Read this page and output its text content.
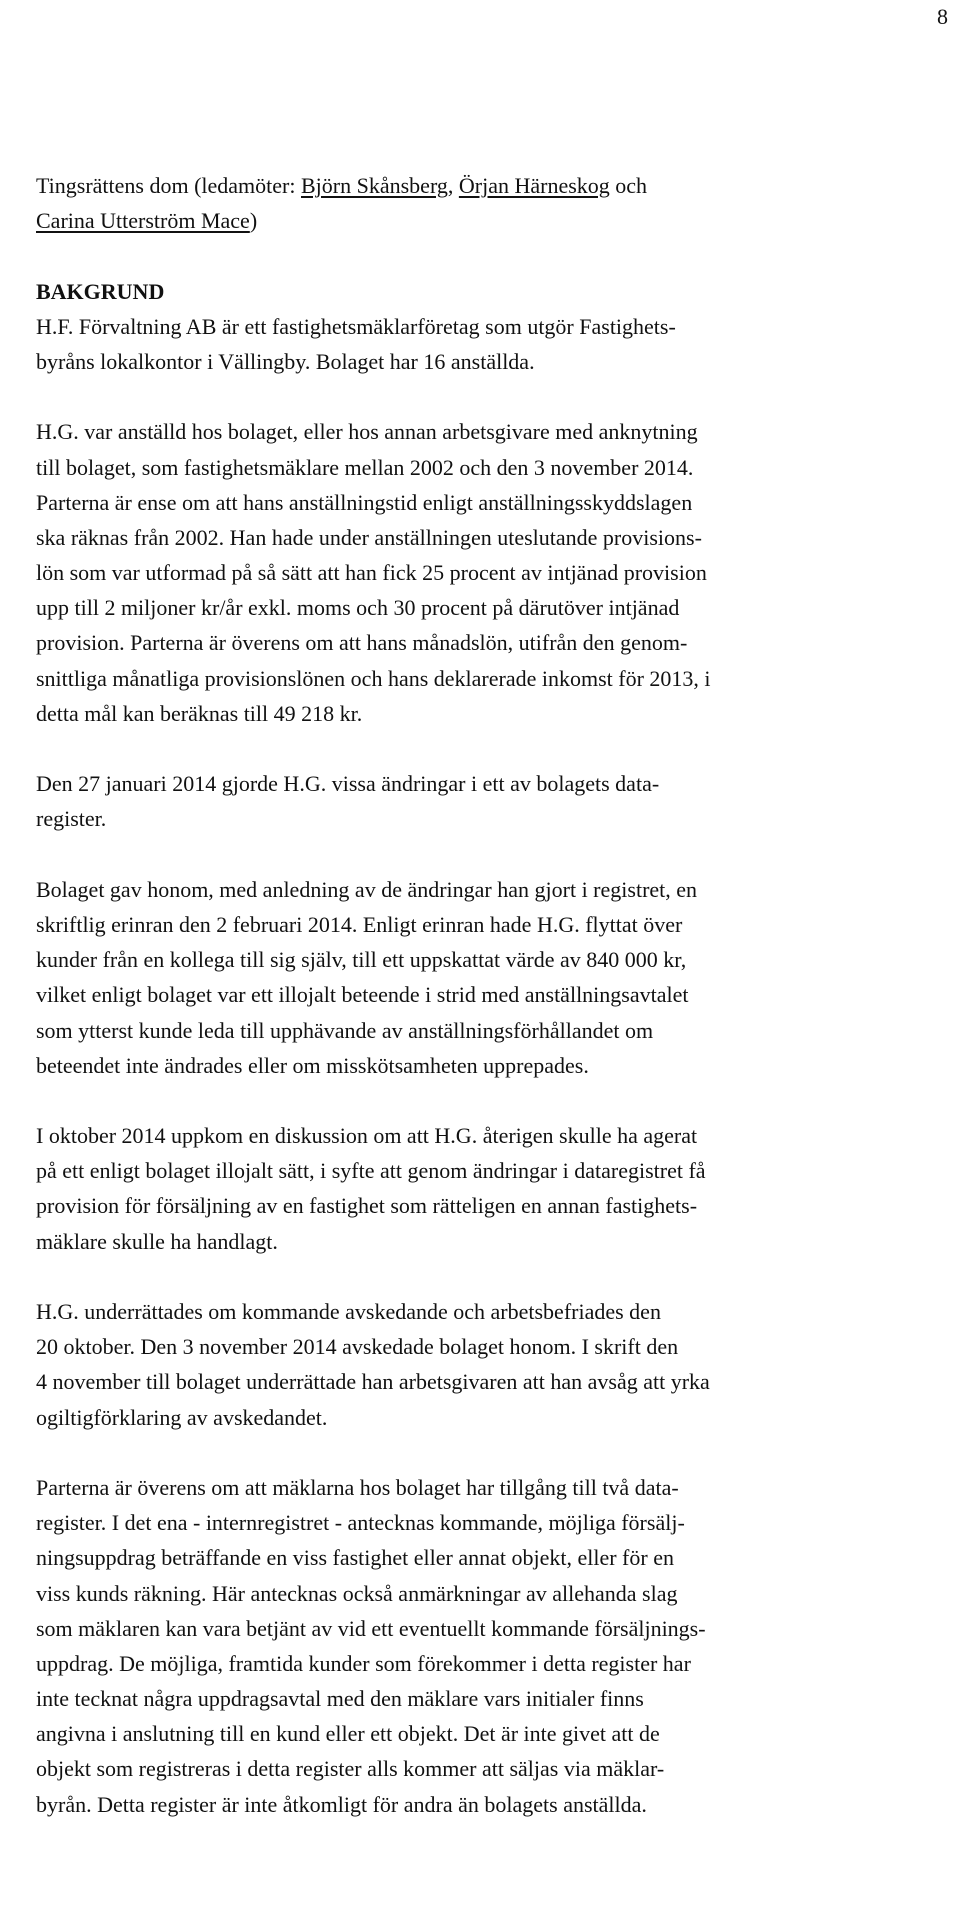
8
Tingsrättens dom (ledamöter: Björn Skånsberg, Örjan Härneskog och
Carina Utterström Mace)
BAKGRUND
H.F. Förvaltning AB är ett fastighetsmäklarföretag som utgör Fastighets-
byråns lokalkontor i Vällingby. Bolaget har 16 anställda.
H.G. var anställd hos bolaget, eller hos annan arbetsgivare med anknytning
till bolaget, som fastighetsmäklare mellan 2002 och den 3 november 2014.
Parterna är ense om att hans anställningstid enligt anställningsskyddslagen
ska räknas från 2002. Han hade under anställningen uteslutande provisions-
lön som var utformad på så sätt att han fick 25 procent av intjänad provision
upp till 2 miljoner kr/år exkl. moms och 30 procent på därutöver intjänad
provision. Parterna är överens om att hans månadslön, utifrån den genom-
snittliga månatliga provisionslönen och hans deklarerade inkomst för 2013, i
detta mål kan beräknas till 49 218 kr.
Den 27 januari 2014 gjorde H.G. vissa ändringar i ett av bolagets data-
register.
Bolaget gav honom, med anledning av de ändringar han gjort i registret, en
skriftlig erinran den 2 februari 2014. Enligt erinran hade H.G. flyttat över
kunder från en kollega till sig själv, till ett uppskattat värde av 840 000 kr,
vilket enligt bolaget var ett illojalt beteende i strid med anställningsavtalet
som ytterst kunde leda till upphävande av anställningsförhållandet om
beteendet inte ändrades eller om misskötsamheten upprepades.
I oktober 2014 uppkom en diskussion om att H.G. återigen skulle ha agerat
på ett enligt bolaget illojalt sätt, i syfte att genom ändringar i dataregistret få
provision för försäljning av en fastighet som rätteligen en annan fastighets-
mäklare skulle ha handlagt.
H.G. underrättades om kommande avskedande och arbetsbefriades den
20 oktober. Den 3 november 2014 avskedade bolaget honom. I skrift den
4 november till bolaget underrättade han arbetsgivaren att han avsåg att yrka
ogiltigförklaring av avskedandet.
Parterna är överens om att mäklarna hos bolaget har tillgång till två data-
register. I det ena - internregistret - antecknas kommande, möjliga försälj-
ningsuppdrag beträffande en viss fastighet eller annat objekt, eller för en
viss kunds räkning. Här antecknas också anmärkningar av allehanda slag
som mäklaren kan vara betjänt av vid ett eventuellt kommande försäljnings-
uppdrag. De möjliga, framtida kunder som förekommer i detta register har
inte tecknat några uppdragsavtal med den mäklare vars initialer finns
angivna i anslutning till en kund eller ett objekt. Det är inte givet att de
objekt som registreras i detta register alls kommer att säljas via mäklar-
byrån. Detta register är inte åtkomligt för andra än bolagets anställda.
